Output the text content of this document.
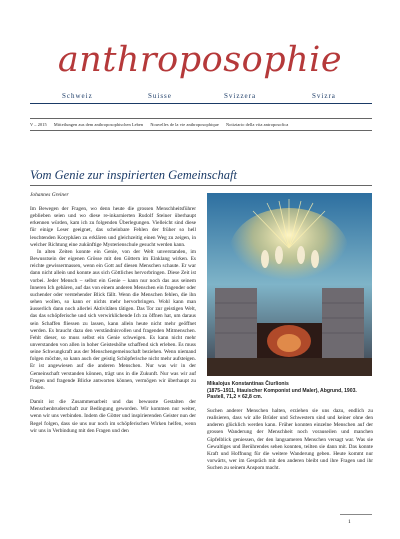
anthroposophie
Schweiz	Suisse	Svizzera	Svizra
V – 2015 Mitteilungen aus dem anthroposophischen Leben Nouvelles de la vie anthroposophique Notiziario della vita antroposofica
Vom Genie zur inspirierten Gemeinschaft
Johannes Greiner

Im Bewegen der Fragen, wo denn heute die grossen Menschheitsführer geblieben seien und wo diese re-inkarnierten Rudolf Steiner überhaupt erkennen würden, kam ich zu folgenden Überlegungen. Vielleicht sind diese für einige Leser geeignet, das scheinbare Fehlen der früher so hell leuchtenden Koryphäen zu erklären und gleichzeitig einen Weg zu zeigen, in welcher Richtung eine zukünftige Mysterienschule gesucht werden kann.

In alten Zeiten konnte ein Genie, von der Welt unverstanden, im Bewusstsein der eigenen Grösse mit den Göttern im Einklang wirken. Es reichte gewissermassen, wenn ein Gott auf diesen Menschen schaute. Er war dann nicht allein und konnte aus sich Göttliches hervorbringen. Diese Zeit ist vorbei. Jeder Mensch – selbst ein Genie – kann nur noch das aus seinem Inneren Ich gebären, auf das von einem anderen Menschen ein fragender oder suchender oder verstehender Blick fällt. Wenn die Menschen fehlen, die ihn sehen wollen, so kann er nichts mehr hervorbringen. Wohl kann man äusserlich dann noch allerlei Aktivitäten tätigen. Das Tor zur geistigen Welt, das das schöpferische und sich verwirklichende Ich zu öffnen hat, um daraus sein Schaffen fliessen zu lassen, kann allein heute nicht mehr geöffnet werden. Es braucht dazu den verständnisvollen und fragenden Mitmenschen. Fehlt dieser, so muss selbst ein Genie schweigen. Es kann nicht mehr unverstanden von allen in hoher Geisteshöhe schaffend sich erleben. Es muss seine Schwungkraft aus der Menschengemeinschaft beziehen. Wenn niemand folgen möchte, so kann auch der geistig Schöpferische nicht mehr aufsteigen. Er ist angewiesen auf die anderen Menschen. Nur was wir in der Gemeinschaft verstanden können, trägt uns in die Zukunft. Nur was wir auf Fragen und fragende Blicke antworten können, vermögen wir überhaupt zu finden.

Damit ist die Zusammenarbeit und das bewusste Gestalten der Menschenbruderschaft zur Bedingung geworden. Wir kommen nur weiter, wenn wir uns verbinden. Indem die Götter und inspirierenden Geister nun der Regel folgen, dass sie uns nur noch im schöpferischen Wirken helfen, wenn wir uns in Verbindung mit den Fragen und den

Mikalojus Konstantinas Čiurlionis
(1875–1911, litauischer Komponist und Maler), Abgrund, 1903. Pastell, 71,2 × 62,8 cm.

Suchen anderer Menschen halten, erziehen sie uns dazu, endlich zu realisieren, dass wir alle Brüder und Schwestern sind und keiner ohne den anderen glücklich werden kann. Früher konnten einzelne Menschen auf der grossen Wanderung der Menschheit noch vorauseilen und manchen Gipfelblick geniessen, der den langsameren Menschen versagt war. Was sie Gewaltiges und Berührendes sehen konnten, teilten sie dann mit. Das konnte Kraft und Hoffnung für die weitere Wanderung geben. Heute kommt nur vorwärts, wer im Gespräch mit den anderen bleibt und ihre Fragen und ihr Suchen zu seinem Anspom macht.

1
